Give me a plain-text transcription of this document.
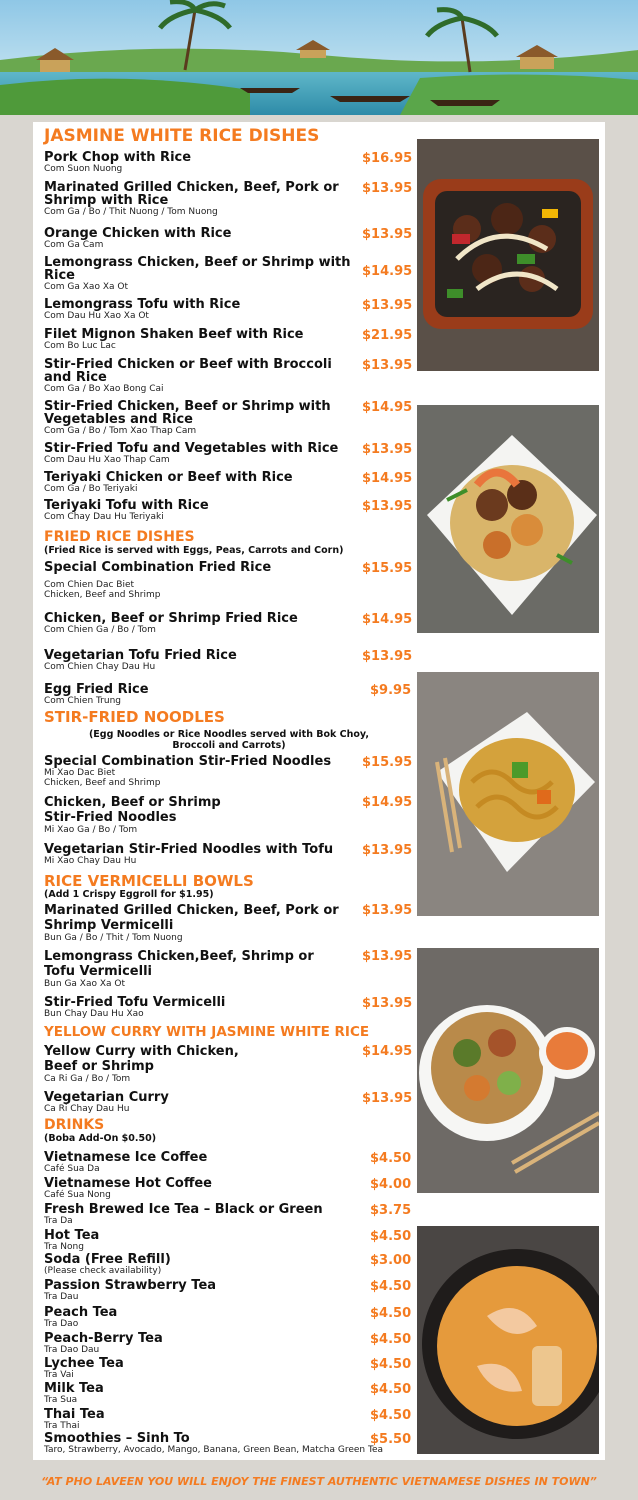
JASMINE WHITE RICE DISHES
Pork Chop with Rice
Com Suon Nuong
$16.95
Marinated Grilled Chicken, Beef, Pork or Shrimp with Rice
Com Ga / Bo / Thit Nuong / Tom Nuong
$13.95
Orange Chicken with Rice
Com Ga Cam
$13.95
Lemongrass Chicken, Beef or Shrimp with Rice
Com Ga Xao Xa Ot
$14.95
Lemongrass Tofu with Rice
Com Dau Hu Xao Xa Ot
$13.95
Filet Mignon Shaken Beef with Rice
Com Bo Luc Lac
$21.95
Stir-Fried Chicken or Beef with Broccoli and Rice
Com Ga / Bo Xao Bong Cai
$13.95
Stir-Fried Chicken, Beef or Shrimp with Vegetables and Rice
Com Ga / Bo / Tom Xao Thap Cam
$14.95
Stir-Fried Tofu and Vegetables with Rice
Com Dau Hu Xao Thap Cam
$13.95
Teriyaki Chicken or Beef with Rice
Com Ga / Bo Teriyaki
$14.95
Teriyaki Tofu with Rice
Com Chay Dau Hu Teriyaki
$13.95
FRIED RICE DISHES
(Fried Rice is served with Eggs, Peas, Carrots and Corn)
Special Combination Fried Rice
Com Chien Dac Biet
Chicken, Beef and Shrimp
$15.95
Chicken, Beef or Shrimp Fried Rice
Com Chien Ga / Bo / Tom
$14.95
Vegetarian Tofu Fried Rice
Com Chien Chay Dau Hu
$13.95
Egg Fried Rice
Com Chien Trung
$9.95
STIR-FRIED NOODLES
(Egg Noodles or Rice Noodles served with Bok Choy,
Broccoli and Carrots)
Special Combination Stir-Fried Noodles
Mi Xao Dac Biet
Chicken, Beef and Shrimp
$15.95
Chicken, Beef or Shrimp Stir-Fried Noodles
Mi Xao Ga / Bo / Tom
$14.95
Vegetarian Stir-Fried Noodles with Tofu
Mi Xao Chay Dau Hu
$13.95
RICE VERMICELLI BOWLS
(Add 1 Crispy Eggroll for $1.95)
Marinated Grilled Chicken, Beef, Pork or Shrimp Vermicelli
Bun Ga / Bo / Thit / Tom Nuong
$13.95
Lemongrass Chicken,Beef, Shrimp or Tofu Vermicelli
Bun Ga Xao Xa Ot
$13.95
Stir-Fried Tofu Vermicelli
Bun Chay Dau Hu Xao
$13.95
YELLOW CURRY WITH JASMINE WHITE RICE
Yellow Curry with Chicken, Beef or Shrimp
Ca Ri Ga / Bo / Tom
$14.95
Vegetarian Curry
Ca Ri Chay Dau Hu
$13.95
DRINKS
(Boba Add-On $0.50)
Vietnamese Ice Coffee
Café Sua Da
$4.50
Vietnamese Hot Coffee
Café Sua Nong
$4.00
Fresh Brewed Ice Tea – Black or Green
Tra Da
$3.75
Hot Tea
Tra Nong
$4.50
Soda (Free Refill)
(Please check availability)
$3.00
Passion Strawberry Tea
Tra Dau
$4.50
Peach Tea
Tra Dao
$4.50
Peach-Berry Tea
Tra Dao Dau
$4.50
Lychee Tea
Tra Vai
$4.50
Milk Tea
Tra Sua
$4.50
Thai Tea
Tra Thai
$4.50
Smoothies – Sinh To
Taro, Strawberry, Avocado, Mango, Banana, Green Bean, Matcha Green Tea
$5.50
“AT PHO LAVEEN YOU WILL ENJOY THE FINEST AUTHENTIC VIETNAMESE DISHES IN TOWN”
